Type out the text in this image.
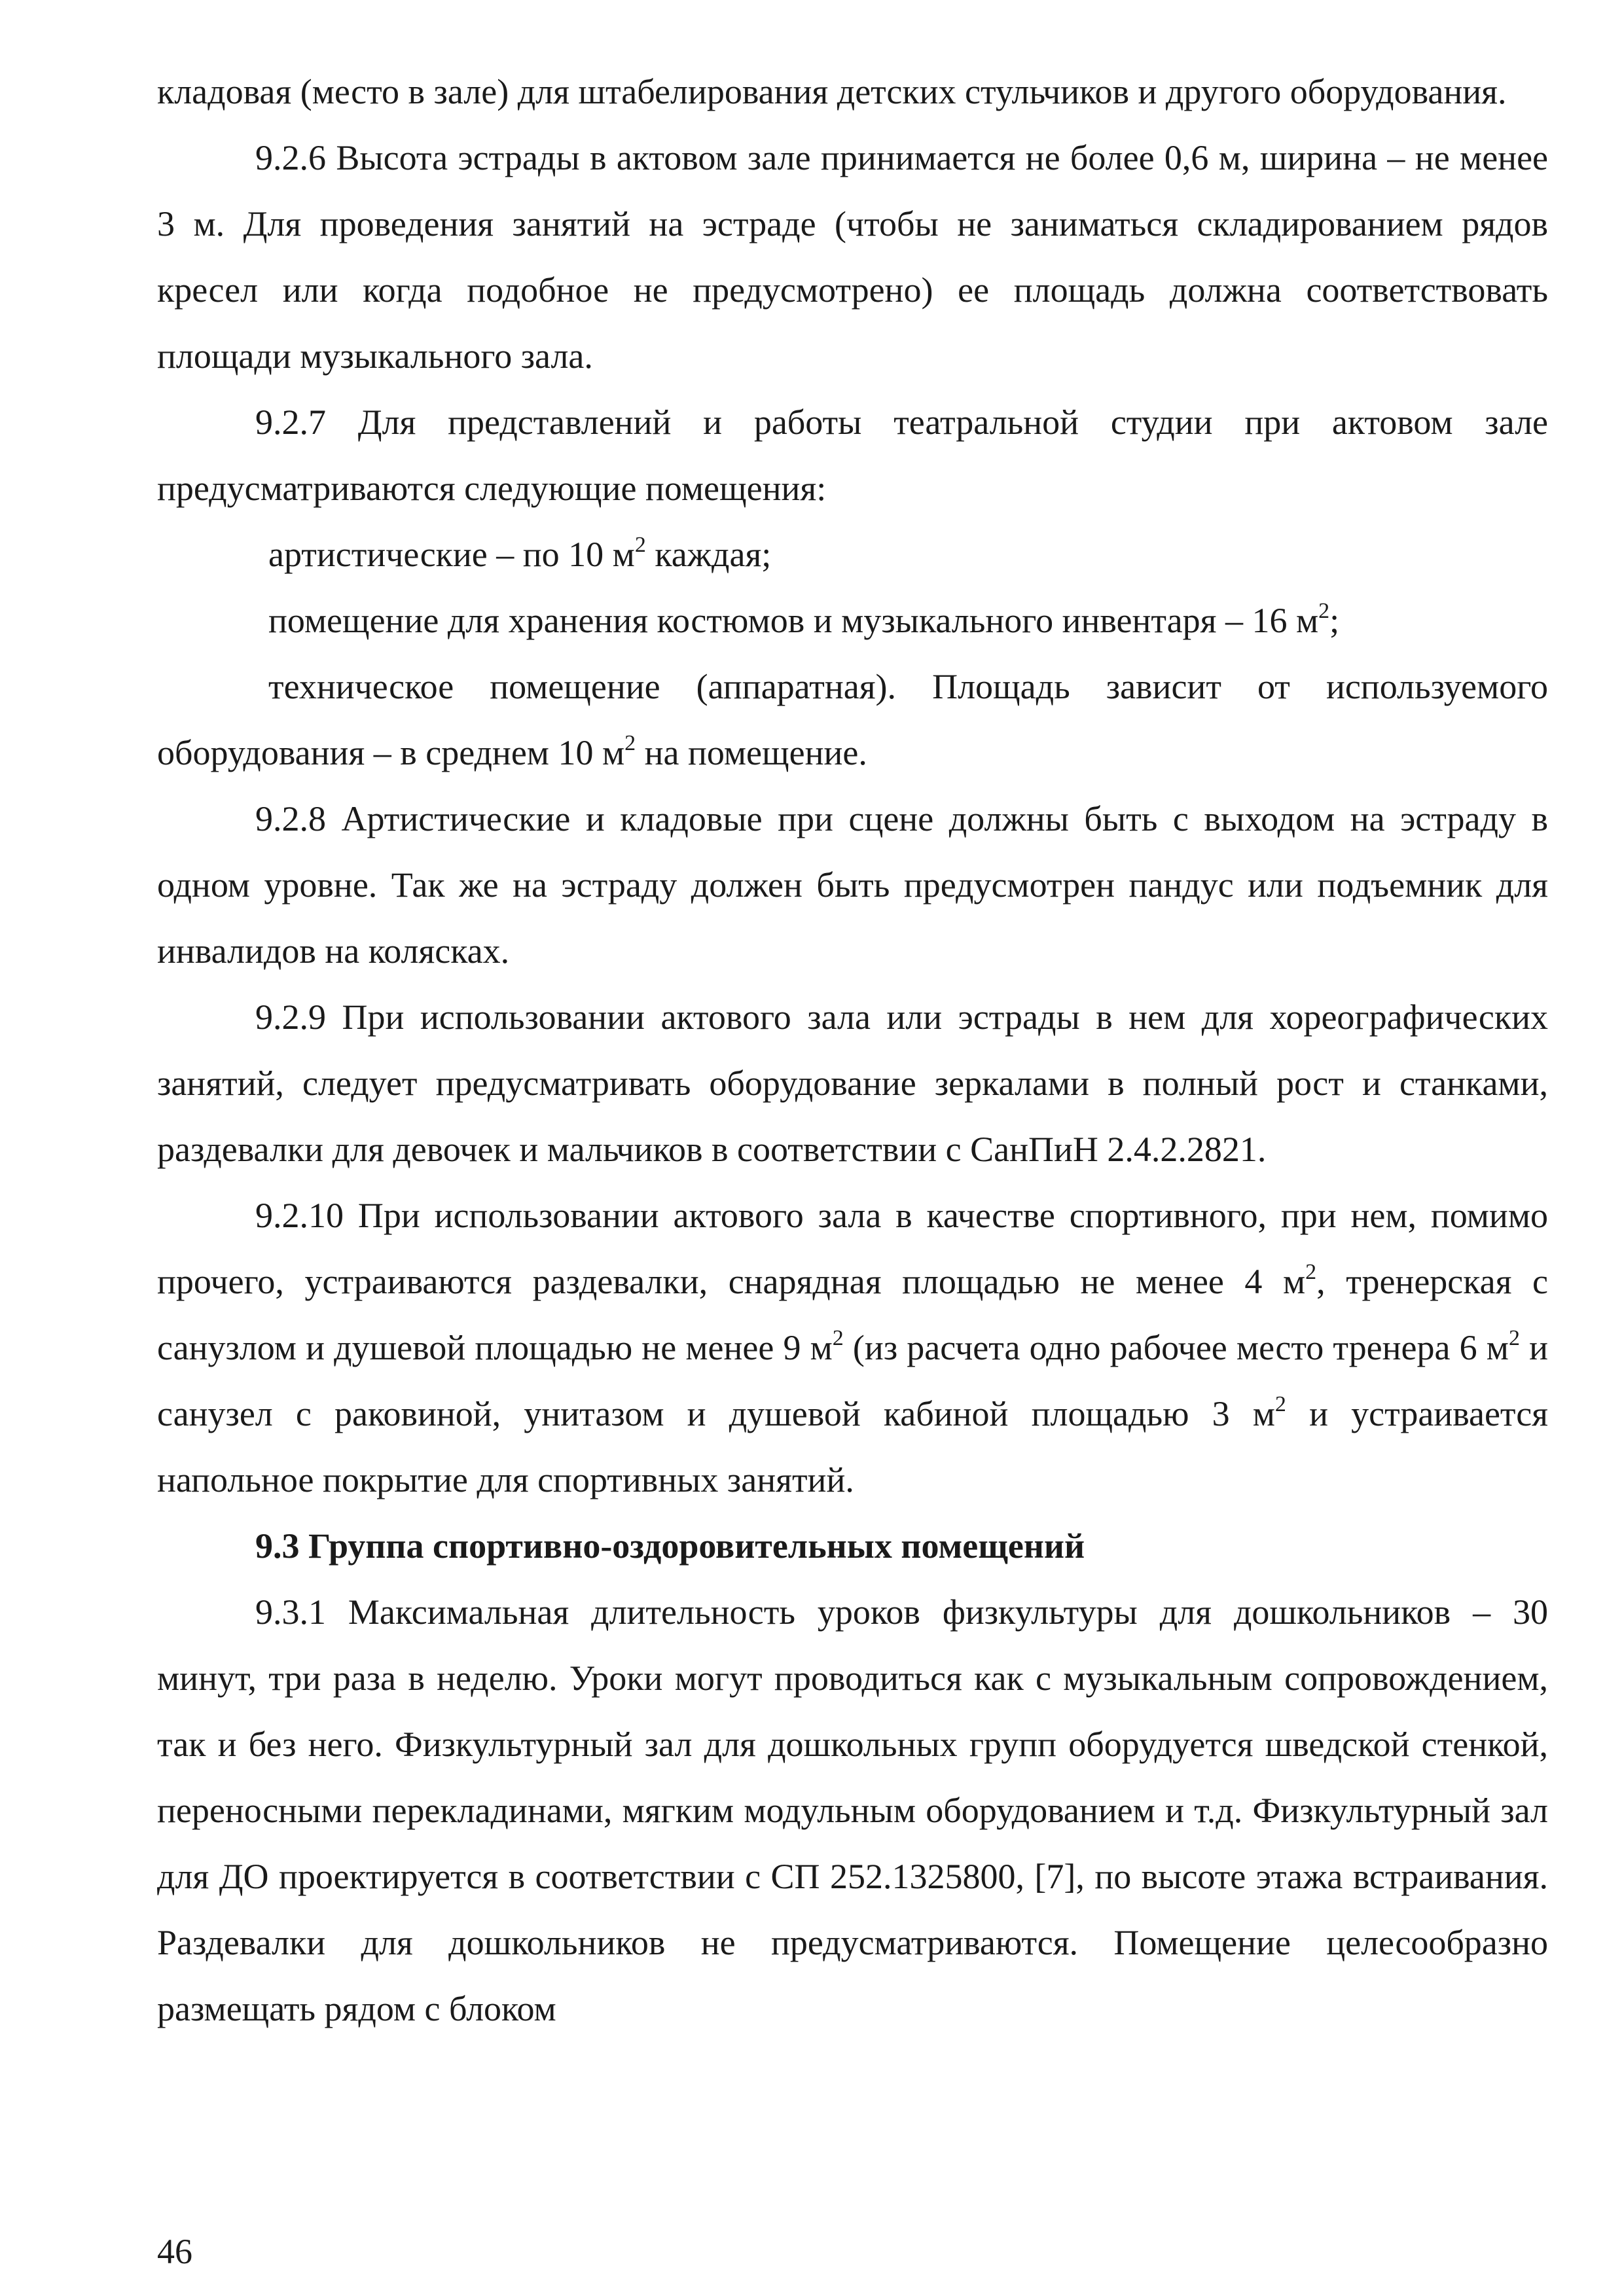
кладовая (место в зале) для штабелирования детских стульчиков и другого оборудования.

9.2.6 Высота эстрады в актовом зале принимается не более 0,6 м, ширина – не менее 3 м. Для проведения занятий на эстраде (чтобы не заниматься складированием рядов кресел или когда подобное не предусмотрено) ее площадь должна соответствовать площади музыкального зала.

9.2.7 Для представлений и работы театральной студии при актовом зале предусматриваются следующие помещения:

артистические – по 10 $м^2$ каждая;

помещение для хранения костюмов и музыкального инвентаря – 16 $м^2$;

техническое помещение (аппаратная). Площадь зависит от используемого оборудования – в среднем 10 $м^2$ на помещение.

9.2.8 Артистические и кладовые при сцене должны быть с выходом на эстраду в одном уровне. Так же на эстраду должен быть предусмотрен пандус или подъемник для инвалидов на колясках.

9.2.9 При использовании актового зала или эстрады в нем для хореографических занятий, следует предусматривать оборудование зеркалами в полный рост и станками, раздевалки для девочек и мальчиков в соответствии с СанПиН 2.4.2.2821.

9.2.10 При использовании актового зала в качестве спортивного, при нем, помимо прочего, устраиваются раздевалки, снарядная площадью не менее 4 $м^2$, тренерская с санузлом и душевой площадью не менее 9 $м^2$ (из расчета одно рабочее место тренера 6 $м^2$ и санузел с раковиной, унитазом и душевой кабиной площадью 3 $м^2$ и устраивается напольное покрытие для спортивных занятий.

9.3 Группа спортивно-оздоровительных помещений

9.3.1 Максимальная длительность уроков физкультуры для дошкольников – 30 минут, три раза в неделю. Уроки могут проводиться как с музыкальным сопровождением, так и без него. Физкультурный зал для дошкольных групп оборудуется шведской стенкой, переносными перекладинами, мягким модульным оборудованием и т.д. Физкультурный зал для ДО проектируется в соответствии с СП 252.1325800, [7], по высоте этажа встраивания. Раздевалки для дошкольников не предусматриваются. Помещение целесообразно размещать рядом с блоком

46
